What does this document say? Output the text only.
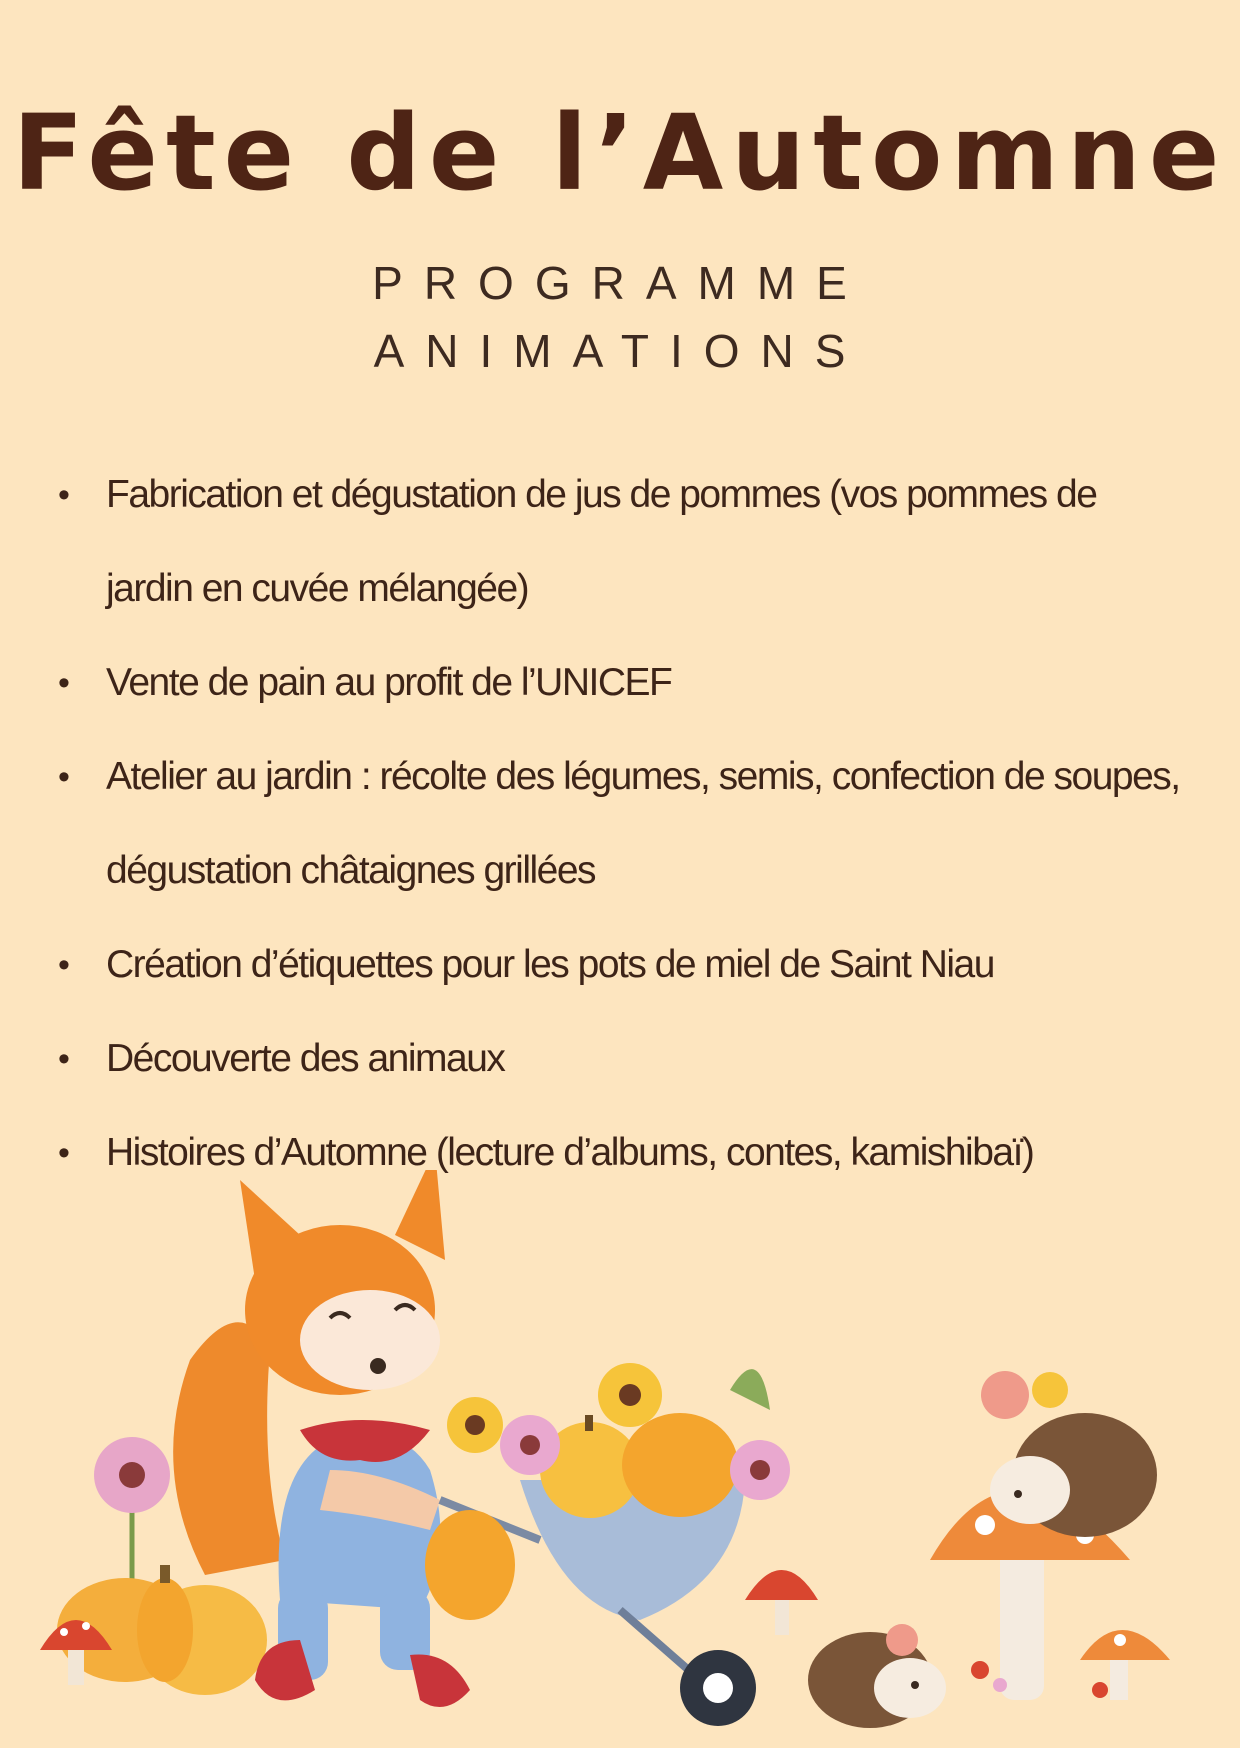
Fête de l’Automne

PROGRAMME

ANIMATIONS

• Fabrication et dégustation de jus de pommes (vos pommes de jardin en cuvée mélangée)
• Vente de pain au profit de l’UNICEF
• Atelier au jardin : récolte des légumes, semis, confection de soupes, dégustation châtaignes grillées
• Création d’étiquettes pour les pots de miel de Saint Niau
• Découverte des animaux
• Histoires d’Automne (lecture d’albums, contes, kamishibaï)
